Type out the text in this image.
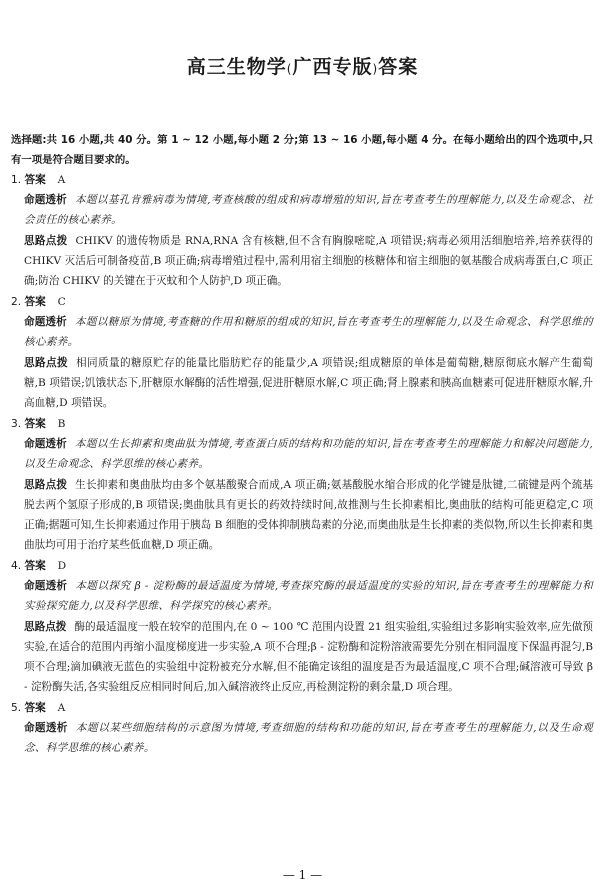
高三生物学(广西专版)答案

选择题:共 16 小题,共 40 分。第 1 ~ 12 小题,每小题 2 分;第 13 ~ 16 小题,每小题 4 分。在每小题给出的四个选项中,只有一项是符合题目要求的。

1. 答案 A

命题透析 本题以基孔肯雅病毒为情境,考查核酸的组成和病毒增殖的知识,旨在考查考生的理解能力,以及生命观念、社会责任的核心素养。

思路点拨 CHIKV 的遗传物质是 RNA,RNA 含有核糖,但不含有胸腺嘧啶,A 项错误;病毒必须用活细胞培养,培养获得的 CHIKV 灭活后可制备疫苗,B 项正确;病毒增殖过程中,需利用宿主细胞的核糖体和宿主细胞的氨基酸合成病毒蛋白,C 项正确;防治 CHIKV 的关键在于灭蚊和个人防护,D 项正确。

2. 答案 C

命题透析 本题以糖原为情境,考查糖的作用和糖原的组成的知识,旨在考查考生的理解能力,以及生命观念、科学思维的核心素养。

思路点拨 相同质量的糖原贮存的能量比脂肪贮存的能量少,A 项错误;组成糖原的单体是葡萄糖,糖原彻底水解产生葡萄糖,B 项错误;饥饿状态下,肝糖原水解酶的活性增强,促进肝糖原水解,C 项正确;肾上腺素和胰高血糖素可促进肝糖原水解,升高血糖,D 项错误。

3. 答案 B

命题透析 本题以生长抑素和奥曲肽为情境,考查蛋白质的结构和功能的知识,旨在考查考生的理解能力和解决问题能力,以及生命观念、科学思维的核心素养。

思路点拨 生长抑素和奥曲肽均由多个氨基酸聚合而成,A 项正确;氨基酸脱水缩合形成的化学键是肽键,二硫键是两个巯基脱去两个氢原子形成的,B 项错误;奥曲肽具有更长的药效持续时间,故推测与生长抑素相比,奥曲肽的结构可能更稳定,C 项正确;据题可知,生长抑素通过作用于胰岛 B 细胞的受体抑制胰岛素的分泌,而奥曲肽是生长抑素的类似物,所以生长抑素和奥曲肽均可用于治疗某些低血糖,D 项正确。

4. 答案 D

命题透析 本题以探究 β - 淀粉酶的最适温度为情境,考查探究酶的最适温度的实验的知识,旨在考查考生的理解能力和实验探究能力,以及科学思维、科学探究的核心素养。

思路点拨 酶的最适温度一般在较窄的范围内,在 0 ~ 100 ℃ 范围内设置 21 组实验组,实验组过多影响实验效率,应先做预实验,在适合的范围内再缩小温度梯度进一步实验,A 项不合理;β - 淀粉酶和淀粉溶液需要先分别在相同温度下保温再混匀,B 项不合理;滴加碘液无蓝色的实验组中淀粉被充分水解,但不能确定该组的温度是否为最适温度,C 项不合理;碱溶液可导致 β - 淀粉酶失活,各实验组反应相同时间后,加入碱溶液终止反应,再检测淀粉的剩余量,D 项合理。

5. 答案 A

命题透析 本题以某些细胞结构的示意图为情境,考查细胞的结构和功能的知识,旨在考查考生的理解能力,以及生命观念、科学思维的核心素养。

— 1 —
